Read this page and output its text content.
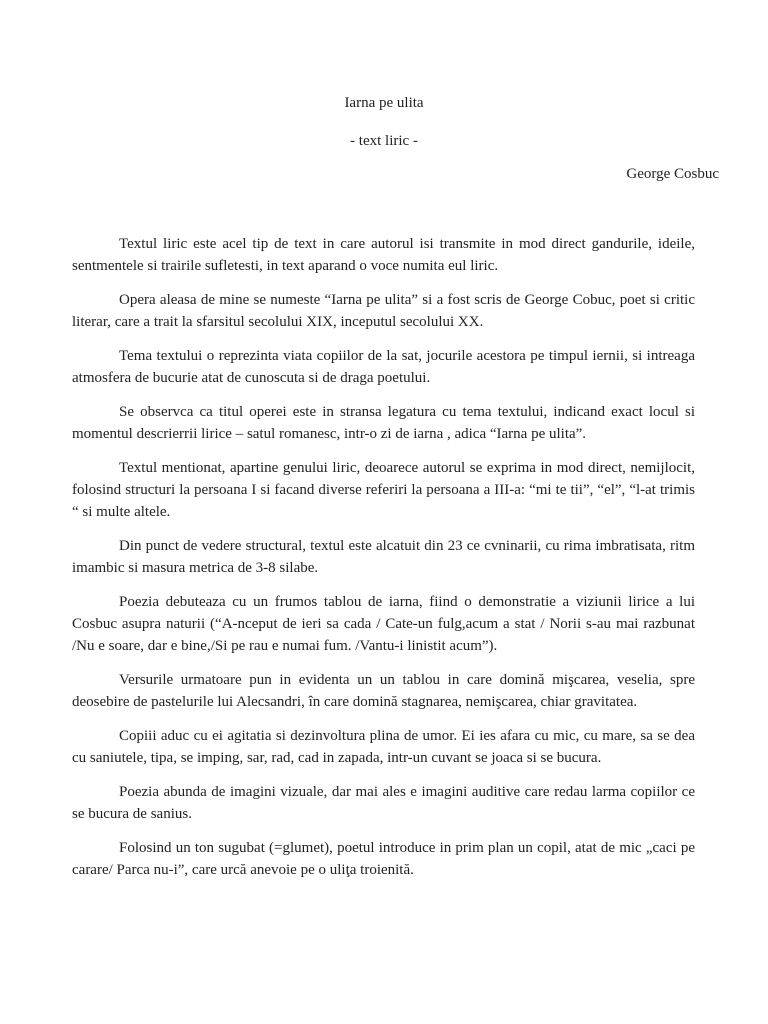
Iarna pe ulita

- text liric -

George Cosbuc

Textul liric este acel tip de text in care autorul isi transmite in mod direct gandurile, ideile, sentmentele si trairile sufletesti, in text aparand o voce numita eul liric.

Opera aleasa de mine se numeste “Iarna pe ulita” si a fost scris de George Cobuc, poet si critic literar, care a trait la sfarsitul secolului XIX, inceputul secolului XX.

Tema textului o reprezinta viata copiilor de la sat, jocurile acestora pe timpul iernii, si intreaga atmosfera de bucurie atat de cunoscuta si de draga poetului.

Se observca ca titul operei este in stransa legatura cu tema textului, indicand exact locul si momentul descrierrii lirice – satul romanesc, intr-o zi de iarna , adica “Iarna pe ulita”.

Textul mentionat, apartine genului liric, deoarece autorul se exprima in mod direct, nemijlocit, folosind structuri la persoana I si facand diverse referiri la persoana a III-a: “mi te tii”, “el”, “l-at trimis “ si multe altele.

Din punct de vedere structural, textul este alcatuit din 23 ce cvninarii, cu rima imbratisata, ritm imambic si masura metrica de 3-8 silabe.

Poezia debuteaza cu un frumos tablou de iarna, fiind o demonstratie a viziunii lirice a lui Cosbuc asupra naturii (“A-nceput de ieri sa cada / Cate-un fulg,acum a stat / Norii s-au mai razbunat /Nu e soare, dar e bine,/Si pe rau e numai fum. /Vantu-i linistit acum”).

Versurile urmatoare pun in evidenta un un tablou in care domină mişcarea, veselia, spre deosebire de pastelurile lui Alecsandri, în care domină stagnarea, nemişcarea, chiar gravitatea.

Copiii aduc cu ei agitatia si dezinvoltura plina de umor. Ei ies afara cu mic, cu mare, sa se dea cu saniutele, tipa, se imping, sar, rad, cad in zapada, intr-un cuvant se joaca si se bucura.

Poezia abunda de imagini vizuale, dar mai ales e imagini auditive care redau larma copiilor ce se bucura de sanius.

Folosind un ton sugubat (=glumet), poetul introduce in prim plan un copil, atat de mic „caci pe carare/ Parca nu-i”, care urcă anevoie pe o uliţa troienită.
